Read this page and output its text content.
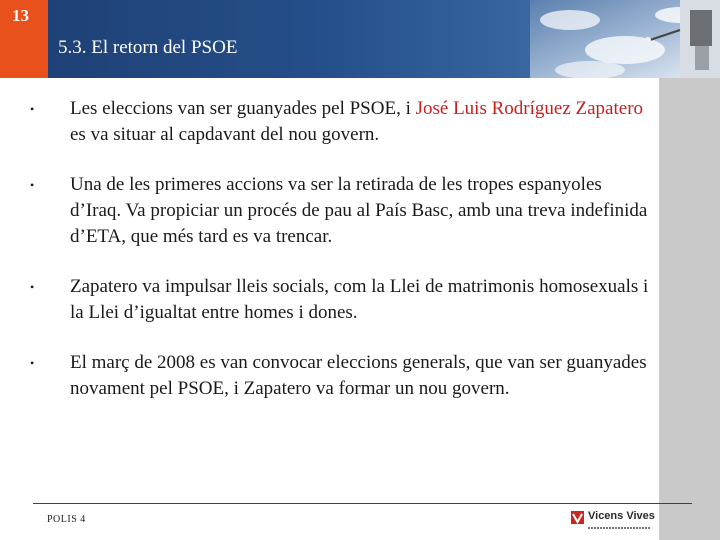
13
5.3. El retorn del PSOE

•	Les eleccions van ser guanyades pel PSOE, i José Luis Rodríguez Zapatero es va situar al capdavant del nou govern.

•	Una de les primeres accions va ser la retirada de les tropes espanyoles d’Iraq. Va propiciar un procés de pau al País Basc, amb una treva indefinida d’ETA, que més tard es va trencar.

•	Zapatero va impulsar lleis socials, com la Llei de matrimonis homosexuals i la Llei d’igualtat entre homes i dones.

•	El març de 2008 es van convocar eleccions generals, que van ser guanyades novament pel PSOE, i Zapatero va formar un nou govern.

POLIS 4	Vicens Vives
